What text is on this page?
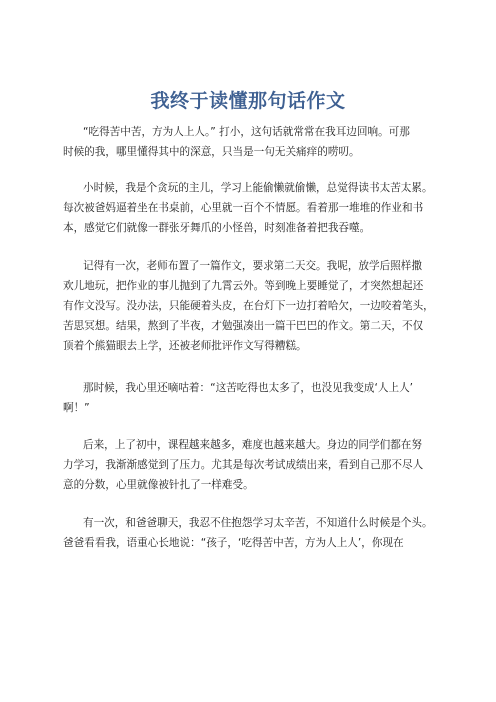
我终于读懂那句话作文
“吃得苦中苦，方为人上人。” 打小，这句话就常常在我耳边回响。可那
时候的我，哪里懂得其中的深意，只当是一句无关痛痒的唠叨。
小时候，我是个贪玩的主儿，学习上能偷懒就偷懒，总觉得读书太苦太累。
每次被爸妈逼着坐在书桌前，心里就一百个不情愿。看着那一堆堆的作业和书
本，感觉它们就像一群张牙舞爪的小怪兽，时刻准备着把我吞噬。
记得有一次，老师布置了一篇作文，要求第二天交。我呢，放学后照样撒
欢儿地玩，把作业的事儿抛到了九霄云外。等到晚上要睡觉了，才突然想起还
有作文没写。没办法，只能硬着头皮，在台灯下一边打着哈欠，一边咬着笔头，
苦思冥想。结果，熬到了半夜，才勉强凑出一篇干巴巴的作文。第二天，不仅
顶着个熊猫眼去上学，还被老师批评作文写得糟糕。
那时候，我心里还嘀咕着：“这苦吃得也太多了，也没见我变成‘人上人’
啊！”
后来，上了初中，课程越来越多，难度也越来越大。身边的同学们都在努
力学习，我渐渐感觉到了压力。尤其是每次考试成绩出来，看到自己那不尽人
意的分数，心里就像被针扎了一样难受。
有一次，和爸爸聊天，我忍不住抱怨学习太辛苦，不知道什么时候是个头。
爸爸看看我，语重心长地说：“孩子，‘吃得苦中苦，方为人上人’，你现在
